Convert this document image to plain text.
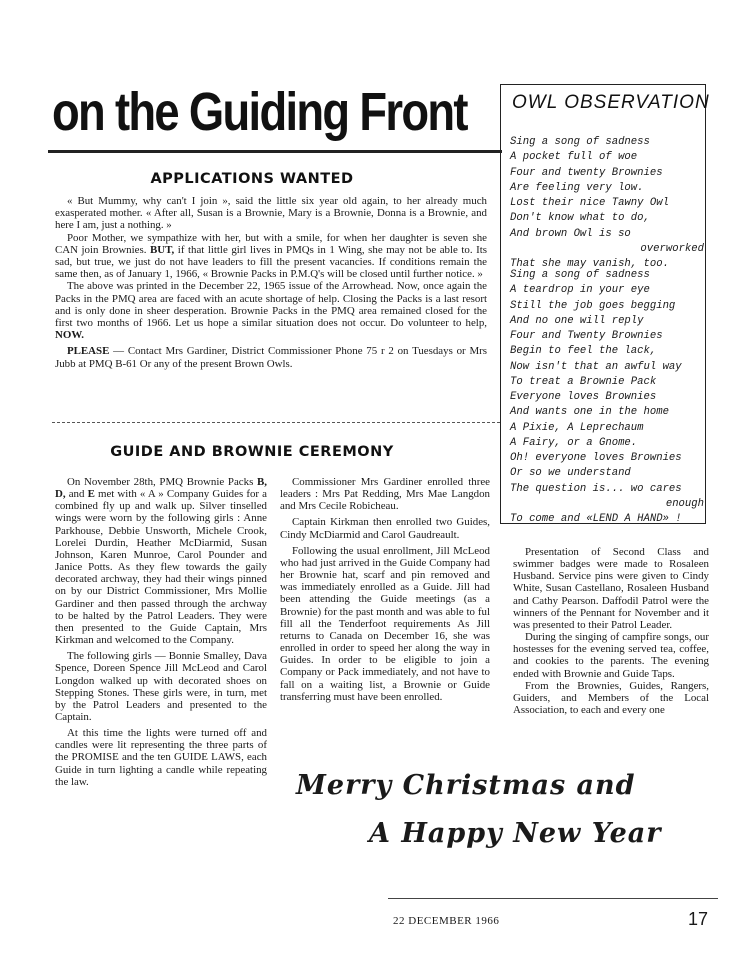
on the Guiding Front OWL OBSERVATION
Sing a song of sadness
A pocket full of woe
Four and twenty Brownies
Are feeling very low.
Lost their nice Tawny Owl
Don't know what to do,
And brown Owl is so
overworked
That she may vanish, too.
Sing a song of sadness
A teardrop in your eye
Still the job goes begging
And no one will reply
Four and Twenty Brownies
Begin to feel the lack,
Now isn't that an awful way
To treat a Brownie Pack
Everyone loves Brownies
And wants one in the home
A Pixie, A Leprechaum
A Fairy, or a Gnome.
Oh! everyone loves Brownies
Or so we understand
The question is... wo cares
enough
To come and «LEND A HAND» !
APPLICATIONS WANTED

« But Mummy, why can't I join », said the little six year old again, to her already much exasperated mother. « After all, Susan is a Brownie, Mary is a Brownie, Donna is a Brownie, and here I am, just a nothing. »

Poor Mother, we sympathize with her, but with a smile, for when her daughter is seven she CAN join Brownies. BUT, if that little girl lives in PMQs in 1 Wing, she may not be able to. Its sad, but true, we just do not have leaders to fill the present vacancies. If conditions remain the same then, as of January 1, 1966, « Brownie Packs in P.M.Q's will be closed until further notice. »

The above was printed in the December 22, 1965 issue of the Arrowhead. Now, once again the Packs in the PMQ area are faced with an acute shortage of help. Closing the Packs is a last resort and is only done in sheer desperation. Brownie Packs in the PMQ area remained closed for the first two months of 1966. Let us hope a similar situation does not occur. Do volunteer to help, NOW.

PLEASE — Contact Mrs Gardiner, District Commissioner Phone 75 r 2 on Tuesdays or Mrs Jubb at PMQ B-61 Or any of the present Brown Owls.

GUIDE AND BROWNIE CEREMONY

On November 28th, PMQ Brownie Packs B, D, and E met with « A » Company Guides for a combined fly up and walk up. Silver tinselled wings were worn by the following girls : Anne Parkhouse, Debbie Unsworth, Michele Crook, Lorelei Durdin, Heather McDiarmid, Susan Johnson, Karen Munroe, Carol Pounder and Janice Potts. As they flew towards the gaily decorated archway, they had their wings pinned on by our District Commissioner, Mrs Mollie Gardiner and then passed through the archway to be halted by the Patrol Leaders. They were then presented to the Guide Captain, Mrs Kirkman and welcomed to the Company.

The following girls — Bonnie Smalley, Dava Spence, Doreen Spence Jill McLeod and Carol Longdon walked up with decorated shoes on Stepping Stones. These girls were, in turn, met by the Patrol Leaders and presented to the Captain.

At this time the lights were turned off and candles were lit representing the three parts of the PROMISE and the ten GUIDE LAWS, each Guide in turn lighting a candle while repeating the law.

Commissioner Mrs Gardiner enrolled three leaders : Mrs Pat Redding, Mrs Mae Langdon and Mrs Cecile Robicheau.

Captain Kirkman then enrolled two Guides, Cindy McDiarmid and Carol Gaudreault.

Following the usual enrollment, Jill McLeod who had just arrived in the Guide Company had her Brownie hat, scarf and pin removed and was immediately enrolled as a Guide. Jill had been attending the Guide meetings (as a Brownie) for the past month and was able to ful fill all the Tenderfoot requirements As Jill returns to Canada on December 16, she was enrolled in order to speed her along the way in Guides. In order to be eligible to join a Company or Pack immediately, and not have to fall on a waiting list, a Brownie or Guide transferring must have been enrolled.

Presentation of Second Class and swimmer badges were made to Rosaleen Husband. Service pins were given to Cindy White, Susan Castellano, Rosaleen Husband and Cathy Pearson. Daffodil Patrol were the winners of the Pennant for November and it was presented to their Patrol Leader.

During the singing of campfire songs, our hostesses for the evening served tea, coffee, and cookies to the parents. The evening ended with Brownie and Guide Taps.

From the Brownies, Guides, Rangers, Guiders, and Members of the Local Association, to each and every one

Merry Christmas and
A Happy New Year
22 DECEMBER 1966	17
